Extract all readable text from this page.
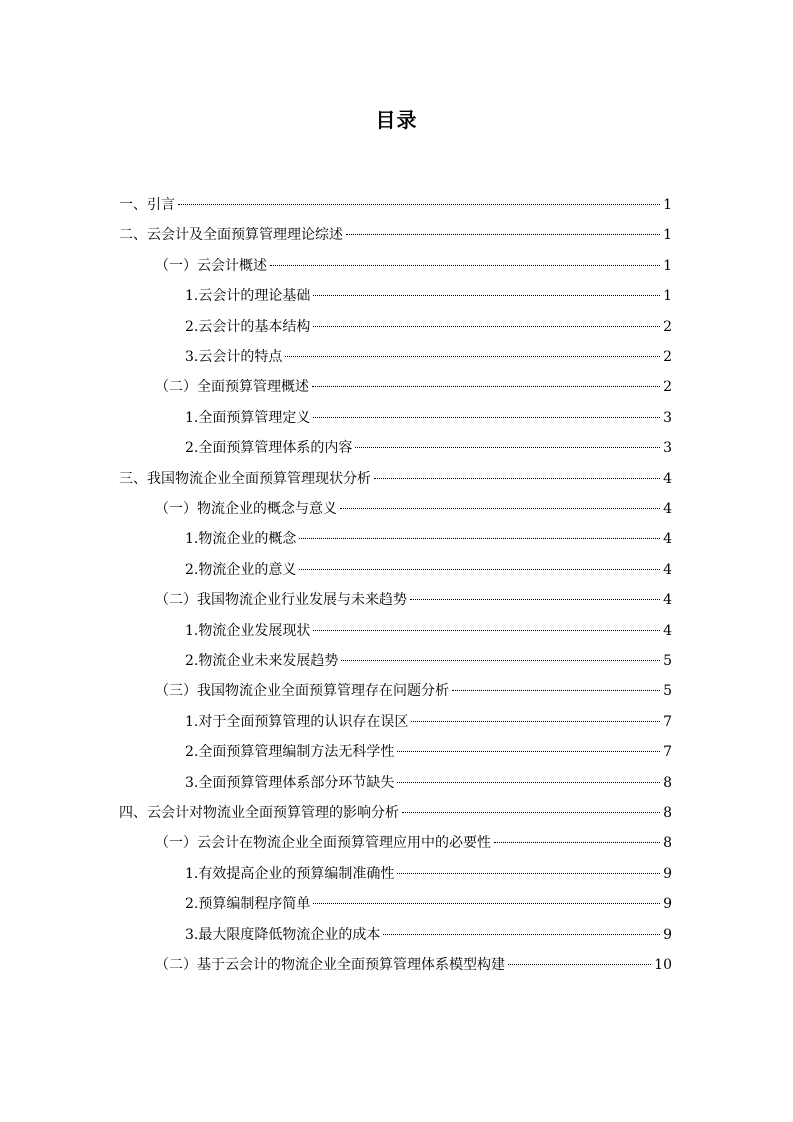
目录
一、引言	1
二、云会计及全面预算管理理论综述	1
（一）云会计概述	1
1.云会计的理论基础	1
2.云会计的基本结构	2
3.云会计的特点	2
（二）全面预算管理概述	2
1.全面预算管理定义	3
2.全面预算管理体系的内容	3
三、我国物流企业全面预算管理现状分析	4
（一）物流企业的概念与意义	4
1.物流企业的概念	4
2.物流企业的意义	4
（二）我国物流企业行业发展与未来趋势	4
1.物流企业发展现状	4
2.物流企业未来发展趋势	5
（三）我国物流企业全面预算管理存在问题分析	5
1.对于全面预算管理的认识存在误区	7
2.全面预算管理编制方法无科学性	7
3.全面预算管理体系部分环节缺失	8
四、云会计对物流业全面预算管理的影响分析	8
（一）云会计在物流企业全面预算管理应用中的必要性	8
1.有效提高企业的预算编制准确性	9
2.预算编制程序简单	9
3.最大限度降低物流企业的成本	9
（二）基于云会计的物流企业全面预算管理体系模型构建	10
